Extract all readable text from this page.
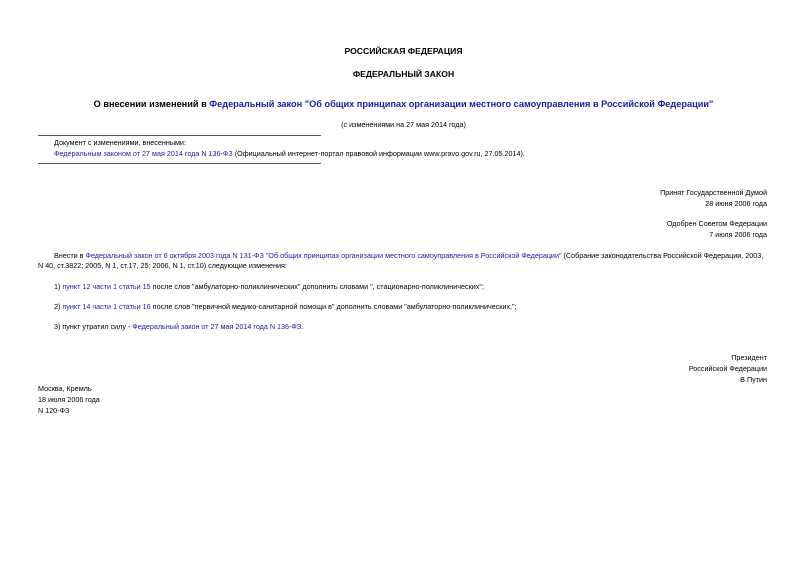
РОССИЙСКАЯ ФЕДЕРАЦИЯ
ФЕДЕРАЛЬНЫЙ ЗАКОН
О внесении изменений в Федеральный закон "Об общих принципах организации местного самоуправления в Российской Федерации"
(с изменениями на 27 мая 2014 года)
Документ с изменениями, внесенными:
Федеральным законом от 27 мая 2014 года N 136-ФЗ (Официальный интернет-портал правовой информации www.pravo.gov.ru, 27.05.2014).
Принят Государственной Думой
28 июня 2006 года
Одобрен Советом Федерации
7 июля 2006 года
Внести в Федеральный закон от 6 октября 2003 года N 131-ФЗ "Об общих принципах организации местного самоуправления в Российской Федерации" (Собрание законодательства Российской Федерации, 2003, N 40, ст.3822; 2005, N 1, ст.17, 25; 2006, N 1, ст.10) следующие изменения:
1) пункт 12 части 1 статьи 15 после слов "амбулаторно-поликлинических" дополнить словами ", стационарно-поликлинических";
2) пункт 14 части 1 статьи 16 после слов "первичной медико-санитарной помощи в" дополнить словами "амбулаторно-поликлинических,";
3) пункт утратил силу - Федеральный закон от 27 мая 2014 года N 136-ФЗ.
Президент
Российской Федерации
В.Путин
Москва, Кремль
18 июля 2006 года
N 120-ФЗ
